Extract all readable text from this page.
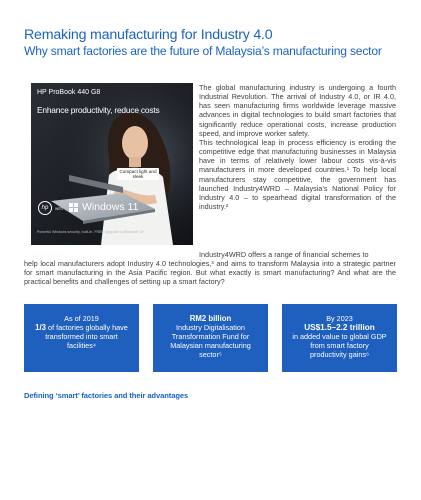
Remaking manufacturing for Industry 4.0
Why smart factories are the future of Malaysia’s manufacturing sector
HP ProBook 440 G8
Enhance productivity, reduce costs
Compact light and sleek
hp	with Windows 11
Powerful Windows security, built-in. FREE Upgrade to Windows 11*

The global manufacturing industry is undergoing a fourth Industrial Revolution. The arrival of Industry 4.0, or IR 4.0, has seen manufacturing firms worldwide leverage massive advances in digital technologies to build smart factories that significantly reduce operational costs, increase production speed, and improve worker safety.

This technological leap in process efficiency is eroding the competitive edge that manufacturing businesses in Malaysia have in terms of relatively lower labour costs vis-à-vis manufacturers in more developed countries.¹ To help local manufacturers stay competitive, the government has launched Industry4WRD – Malaysia’s National Policy for Industry 4.0 – to spearhead digital transformation of the industry.²

Industry4WRD offers a range of financial schemes to
help local manufacturers adopt Industry 4.0 technologies,³ and aims to transform Malaysia into a strategic partner for smart manufacturing in the Asia Pacific region. But what exactly is smart manufacturing? And what are the practical benefits and challenges of setting up a smart factory?
As of 2019
1/3 of factories globally have transformed into smart facilities⁴
RM2 billion
Industry Digitalisation Transformation Fund for Malaysian manufacturing sector⁵
By 2023
US$1.5–2.2 trillion
in added value to global GDP from smart factory productivity gains⁶
Defining ‘smart’ factories and their advantages
